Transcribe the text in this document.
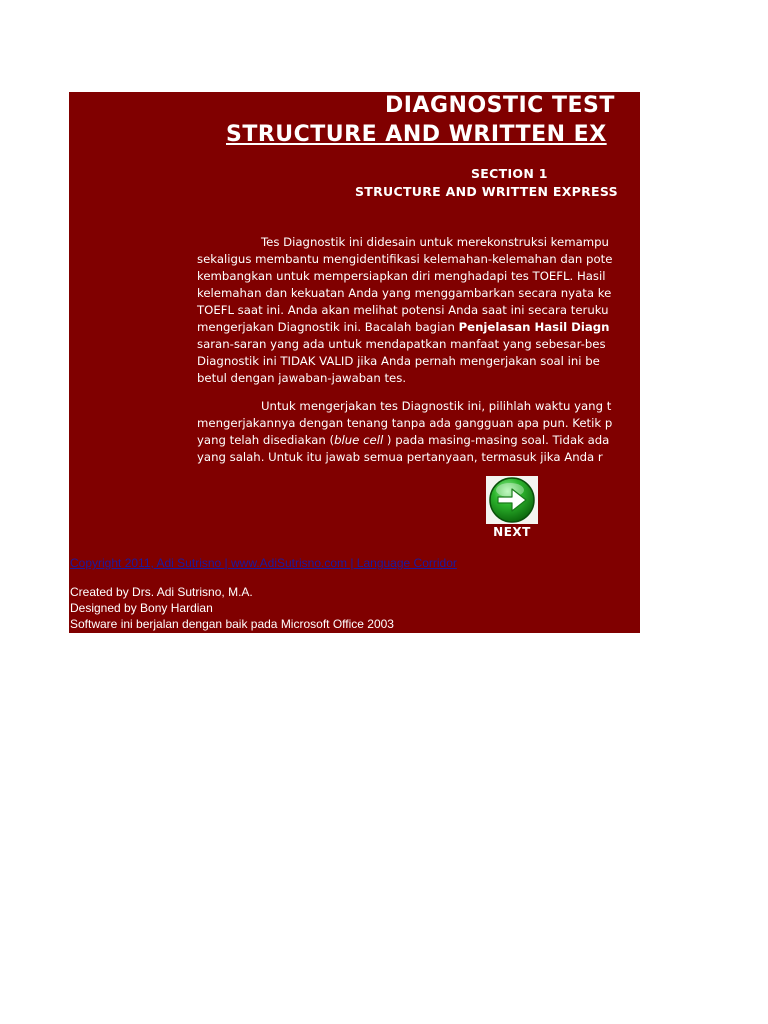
DIAGNOSTIC TEST
STRUCTURE AND WRITTEN EX
SECTION 1
STRUCTURE AND WRITTEN EXPRESS
Tes Diagnostik ini didesain untuk merekonstruksi kemampu
sekaligus membantu mengidentifikasi kelemahan-kelemahan dan pote
kembangkan untuk mempersiapkan diri menghadapi tes TOEFL. Hasil
kelemahan dan kekuatan Anda yang menggambarkan secara nyata ke
TOEFL saat ini. Anda akan melihat potensi Anda saat ini secara teruku
mengerjakan Diagnostik ini. Bacalah bagian Penjelasan Hasil Diagn
saran-saran yang ada untuk mendapatkan manfaat yang sebesar-bes
Diagnostik ini TIDAK VALID jika Anda pernah mengerjakan soal ini be
betul dengan jawaban-jawaban tes.
Untuk mengerjakan tes Diagnostik ini, pilihlah waktu yang t
mengerjakannya dengan tenang tanpa ada gangguan apa pun. Ketik p
yang telah disediakan (blue cell ) pada masing-masing soal. Tidak ada
yang salah. Untuk itu jawab semua pertanyaan, termasuk jika Anda r
NEXT
Copyright 2011, Adi Sutrisno | www.AdiSutrisno.com | Language Corridor
Created by Drs. Adi Sutrisno, M.A.
Designed by Bony Hardian
Software ini berjalan dengan baik pada Microsoft Office 2003
